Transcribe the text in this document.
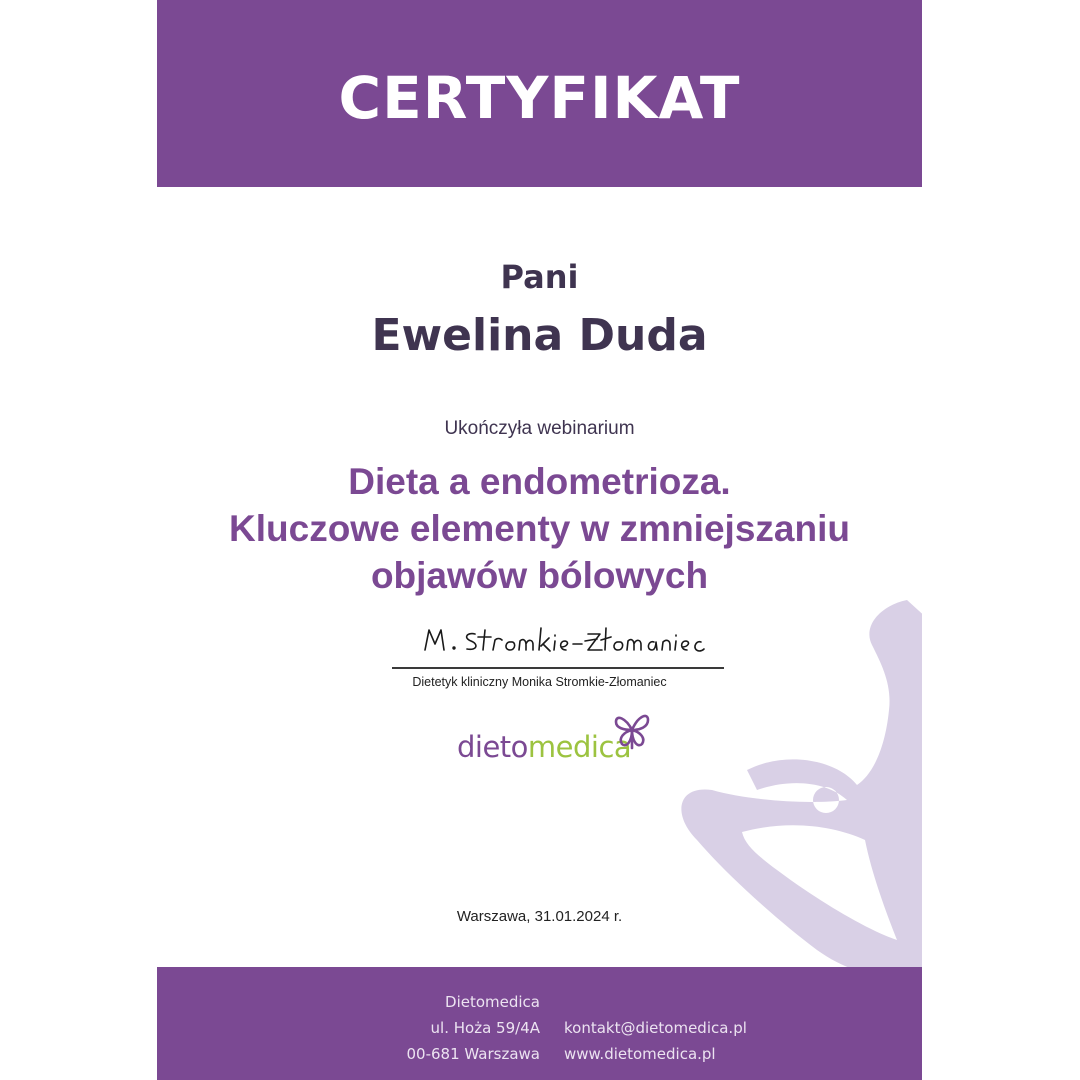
CERTYFIKAT
Pani
Ewelina Duda
Ukończyła webinarium
Dieta a endometrioza.
Kluczowe elementy w zmniejszaniu
objawów bólowych
Dietetyk kliniczny Monika Stromkie-Złomaniec
dietomedica
Warszawa, 31.01.2024 r.
Dietomedica
ul. Hoża 59/4A
00-681 Warszawa
kontakt@dietomedica.pl
www.dietomedica.pl
